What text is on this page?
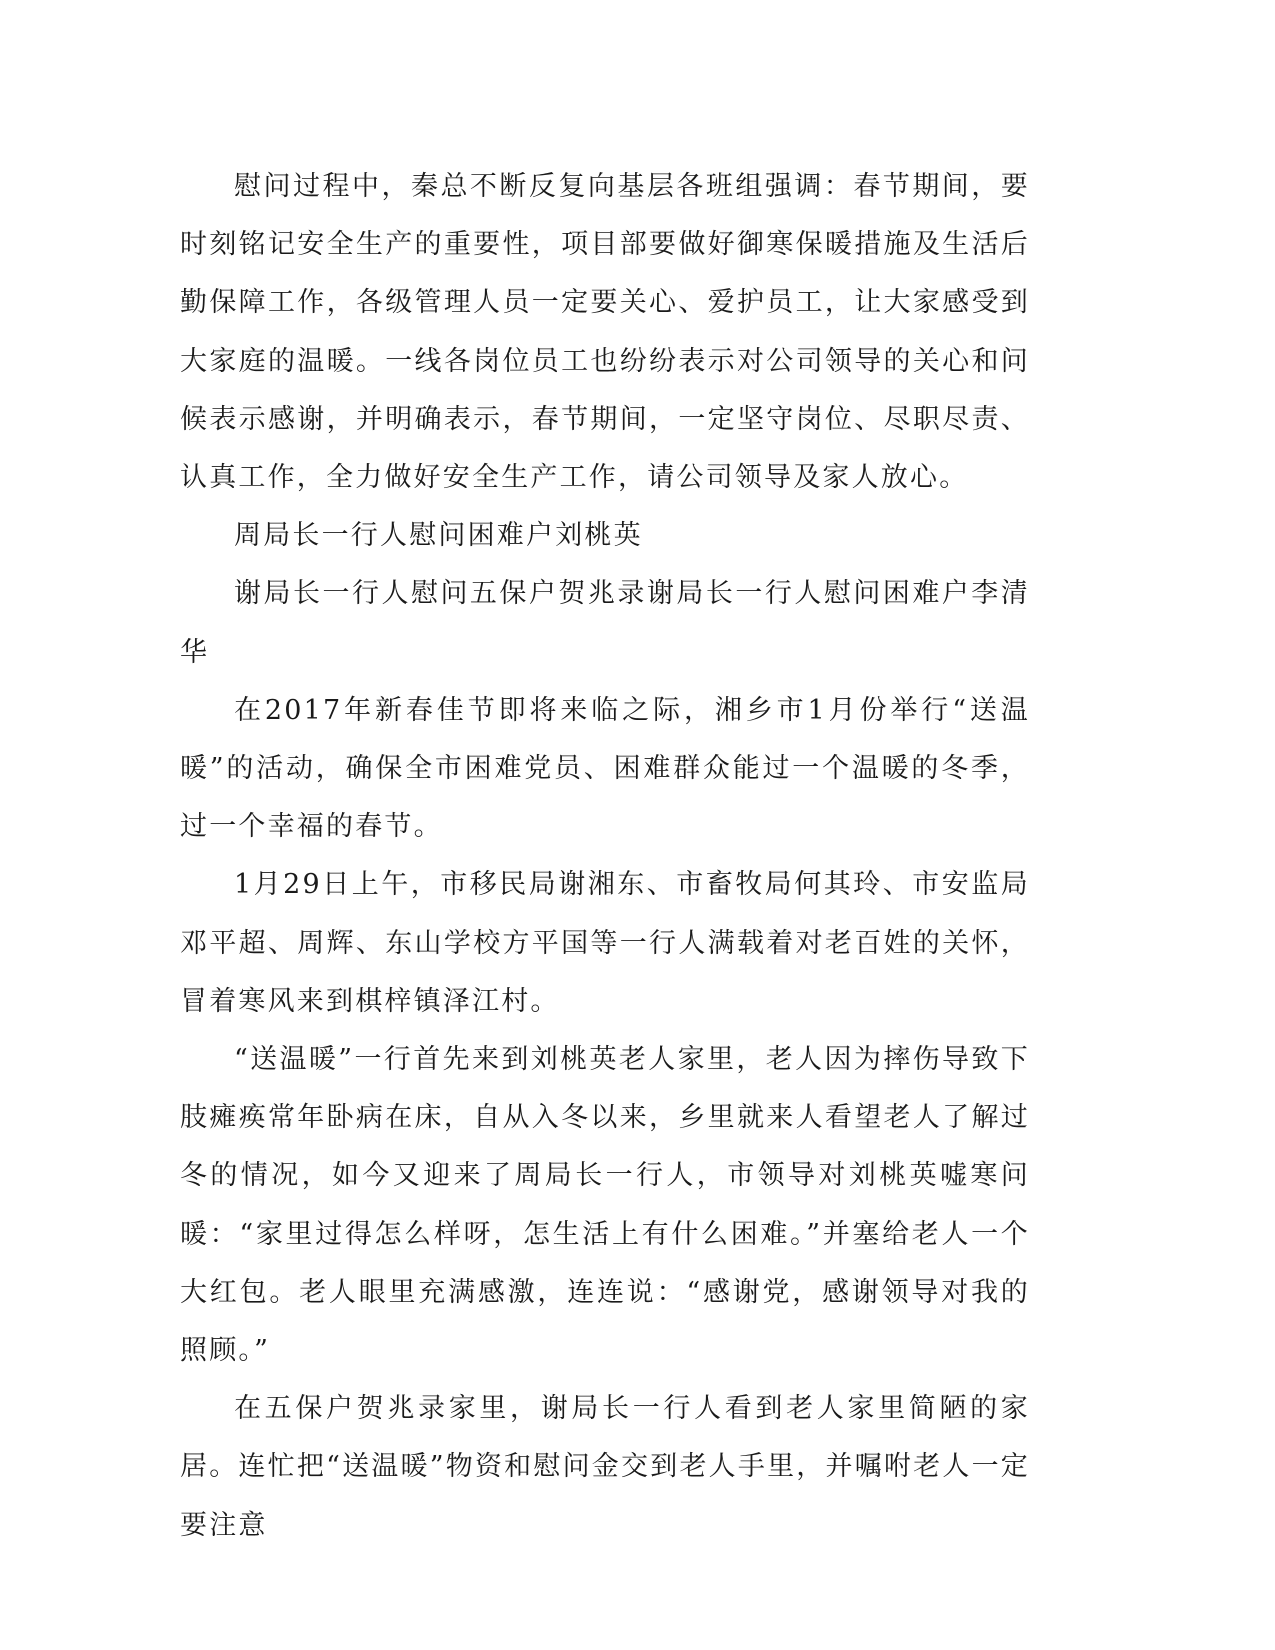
慰问过程中，秦总不断反复向基层各班组强调：春节期间，要时刻铭记安全生产的重要性，项目部要做好御寒保暖措施及生活后勤保障工作，各级管理人员一定要关心、爱护员工，让大家感受到大家庭的温暖。一线各岗位员工也纷纷表示对公司领导的关心和问候表示感谢，并明确表示，春节期间，一定坚守岗位、尽职尽责、认真工作，全力做好安全生产工作，请公司领导及家人放心。

周局长一行人慰问困难户刘桃英

谢局长一行人慰问五保户贺兆录谢局长一行人慰问困难户李清华

在2017年新春佳节即将来临之际，湘乡市1月份举行“送温暖”的活动，确保全市困难党员、困难群众能过一个温暖的冬季，过一个幸福的春节。

1月29日上午，市移民局谢湘东、市畜牧局何其玲、市安监局邓平超、周辉、东山学校方平国等一行人满载着对老百姓的关怀，冒着寒风来到棋梓镇泽江村。

“送温暖”一行首先来到刘桃英老人家里，老人因为摔伤导致下肢瘫痪常年卧病在床，自从入冬以来，乡里就来人看望老人了解过冬的情况，如今又迎来了周局长一行人，市领导对刘桃英嘘寒问暖：“家里过得怎么样呀，怎生活上有什么困难。”并塞给老人一个大红包。老人眼里充满感激，连连说：“感谢党，感谢领导对我的照顾。”

在五保户贺兆录家里，谢局长一行人看到老人家里简陋的家居。连忙把“送温暖”物资和慰问金交到老人手里，并嘱咐老人一定要注意
